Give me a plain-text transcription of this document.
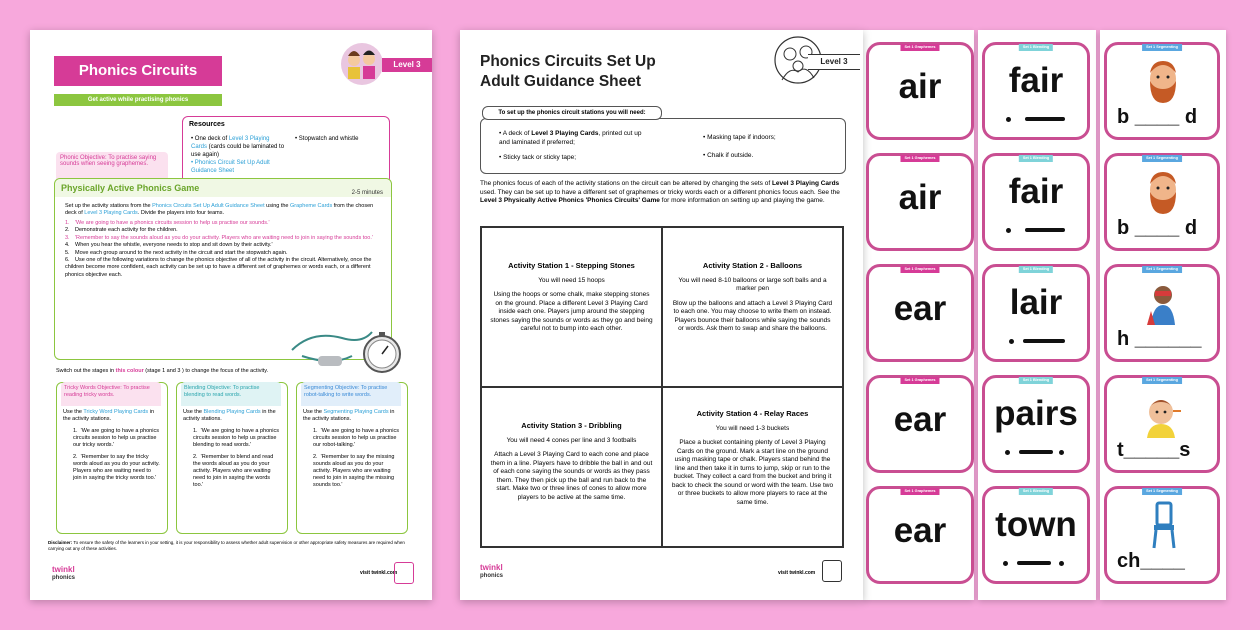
Phonics Circuits
Get active while practising phonics
Level 3
Resources
• One deck of Level 3 Playing Cards (cards could be laminated to use again)
• Phonics Circuit Set Up Adult Guidance Sheet
• Stopwatch and whistle
Phonic Objective: To practise saying sounds when seeing graphemes.
Physically Active Phonics Game	2-5 minutes
Set up the activity stations from the Phonics Circuits Set Up Adult Guidance Sheet using the Grapheme Cards from the chosen deck of Level 3 Playing Cards. Divide the players into four teams.
1. 'We are going to have a phonics circuits session to help us practise our sounds.'
2. Demonstrate each activity for the children.
3. 'Remember to say the sounds aloud as you do your activity. Players who are waiting need to join in saying the sounds too.'
4. When you hear the whistle, everyone needs to stop and sit down by their activity.'
5. Move each group around to the next activity in the circuit and start the stopwatch again.
6. Use one of the following variations to change the phonics objective of all of the activity in the circuit. Alternatively, once the children become more confident, each activity can be set up to have a different set of graphemes or words each, or a different phonics objective each.
Switch out the stages in this colour (stage 1 and 3 ) to change the focus of the activity.
Tricky Words Objective: To practise reading tricky words.
Use the Tricky Word Playing Cards in the activity stations.
1.  'We are going to have a phonics circuits session to help us practise our tricky words.'
2.  'Remember to say the tricky words aloud as you do your activity. Players who are waiting need to join in saying the tricky words too.'
Blending Objective: To practise blending to read words.
Use the Blending Playing Cards in the activity stations.
1.  'We are going to have a phonics circuits session to help us practise blending to read words.'
2.  'Remember to blend and read the words aloud as you do your activity. Players who are waiting need to join in saying the words too.'
Segmenting Objective: To practise robot-talking to write words.
Use the Segmenting Playing Cards in the activity stations.
1.  'We are going to have a phonics circuits session to help us practise our robot-talking.'
2.  'Remember to say the missing sounds aloud as you do your activity. Players who are waiting need to join in saying the missing sounds too.'
Disclaimer: To ensure the safety of the learners in your setting, it is your responsibility to assess whether adult supervision or other appropriate safety measures are required when carrying out any of these activities.
twinkl
phonics
visit twinkl.com
Phonics Circuits Set Up
Adult Guidance Sheet
Level 3
To set up the phonics circuit stations you will need:
• A deck of Level 3 Playing Cards, printed cut up and laminated if preferred;
• Sticky tack or sticky tape;
• Masking tape if indoors;
• Chalk if outside.
The phonics focus of each of the activity stations on the circuit can be altered by changing the sets of Level 3 Playing Cards used. They can be set up to have a different set of graphemes or tricky words each or a different phonics focus each. See the Level 3 Physically Active Phonics 'Phonics Circuits' Game for more information on setting up and playing the game.
Activity Station 1 - Stepping Stones
You will need 15 hoops
Using the hoops or some chalk, make stepping stones on the ground. Place a different Level 3 Playing Card inside each one. Players jump around the stepping stones saying the sounds or words as they go and being careful not to bump into each other.
Activity Station 2 - Balloons
You will need 8-10 balloons or large soft balls and a marker pen
Blow up the balloons and attach a Level 3 Playing Card to each one. You may choose to write them on instead. Players bounce their balloons while saying the sounds or words. Ask them to swap and share the balloons.
Activity Station 3 - Dribbling
You will need 4 cones per line and 3 footballs
Attach a Level 3 Playing Card to each cone and place them in a line. Players have to dribble the ball in and out of each cone saying the sounds or words as they pass them. They then pick up the ball and run back to the start. Make two or three lines of cones to allow more players to be active at the same time.
Activity Station 4 - Relay Races
You will need 1-3 buckets
Place a bucket containing plenty of Level 3 Playing Cards on the ground. Mark a start line on the ground using masking tape or chalk. Players stand behind the line and then take it in turns to jump, skip or run to the bucket. They collect a card from the bucket and bring it back to check the sound or word with the team. Use two or three buckets to allow more players to race at the same time.
twinkl
phonics	visit twinkl.com
Set 1 Graphemes
air
Set 1 Graphemes
air
Set 1 Graphemes
ear
Set 1 Graphemes
ear
Set 1 Graphemes
ear
Set 1 Blending
fair
Set 1 Blending
fair
Set 1 Blending
lair
Set 1 Blending
pairs
Set 1 Blending
town
Set 1 Segmenting
b ____ d
Set 1 Segmenting
b ____ d
Set 1 Segmenting
h ______
Set 1 Segmenting
t_____s
Set 1 Segmenting
ch____
